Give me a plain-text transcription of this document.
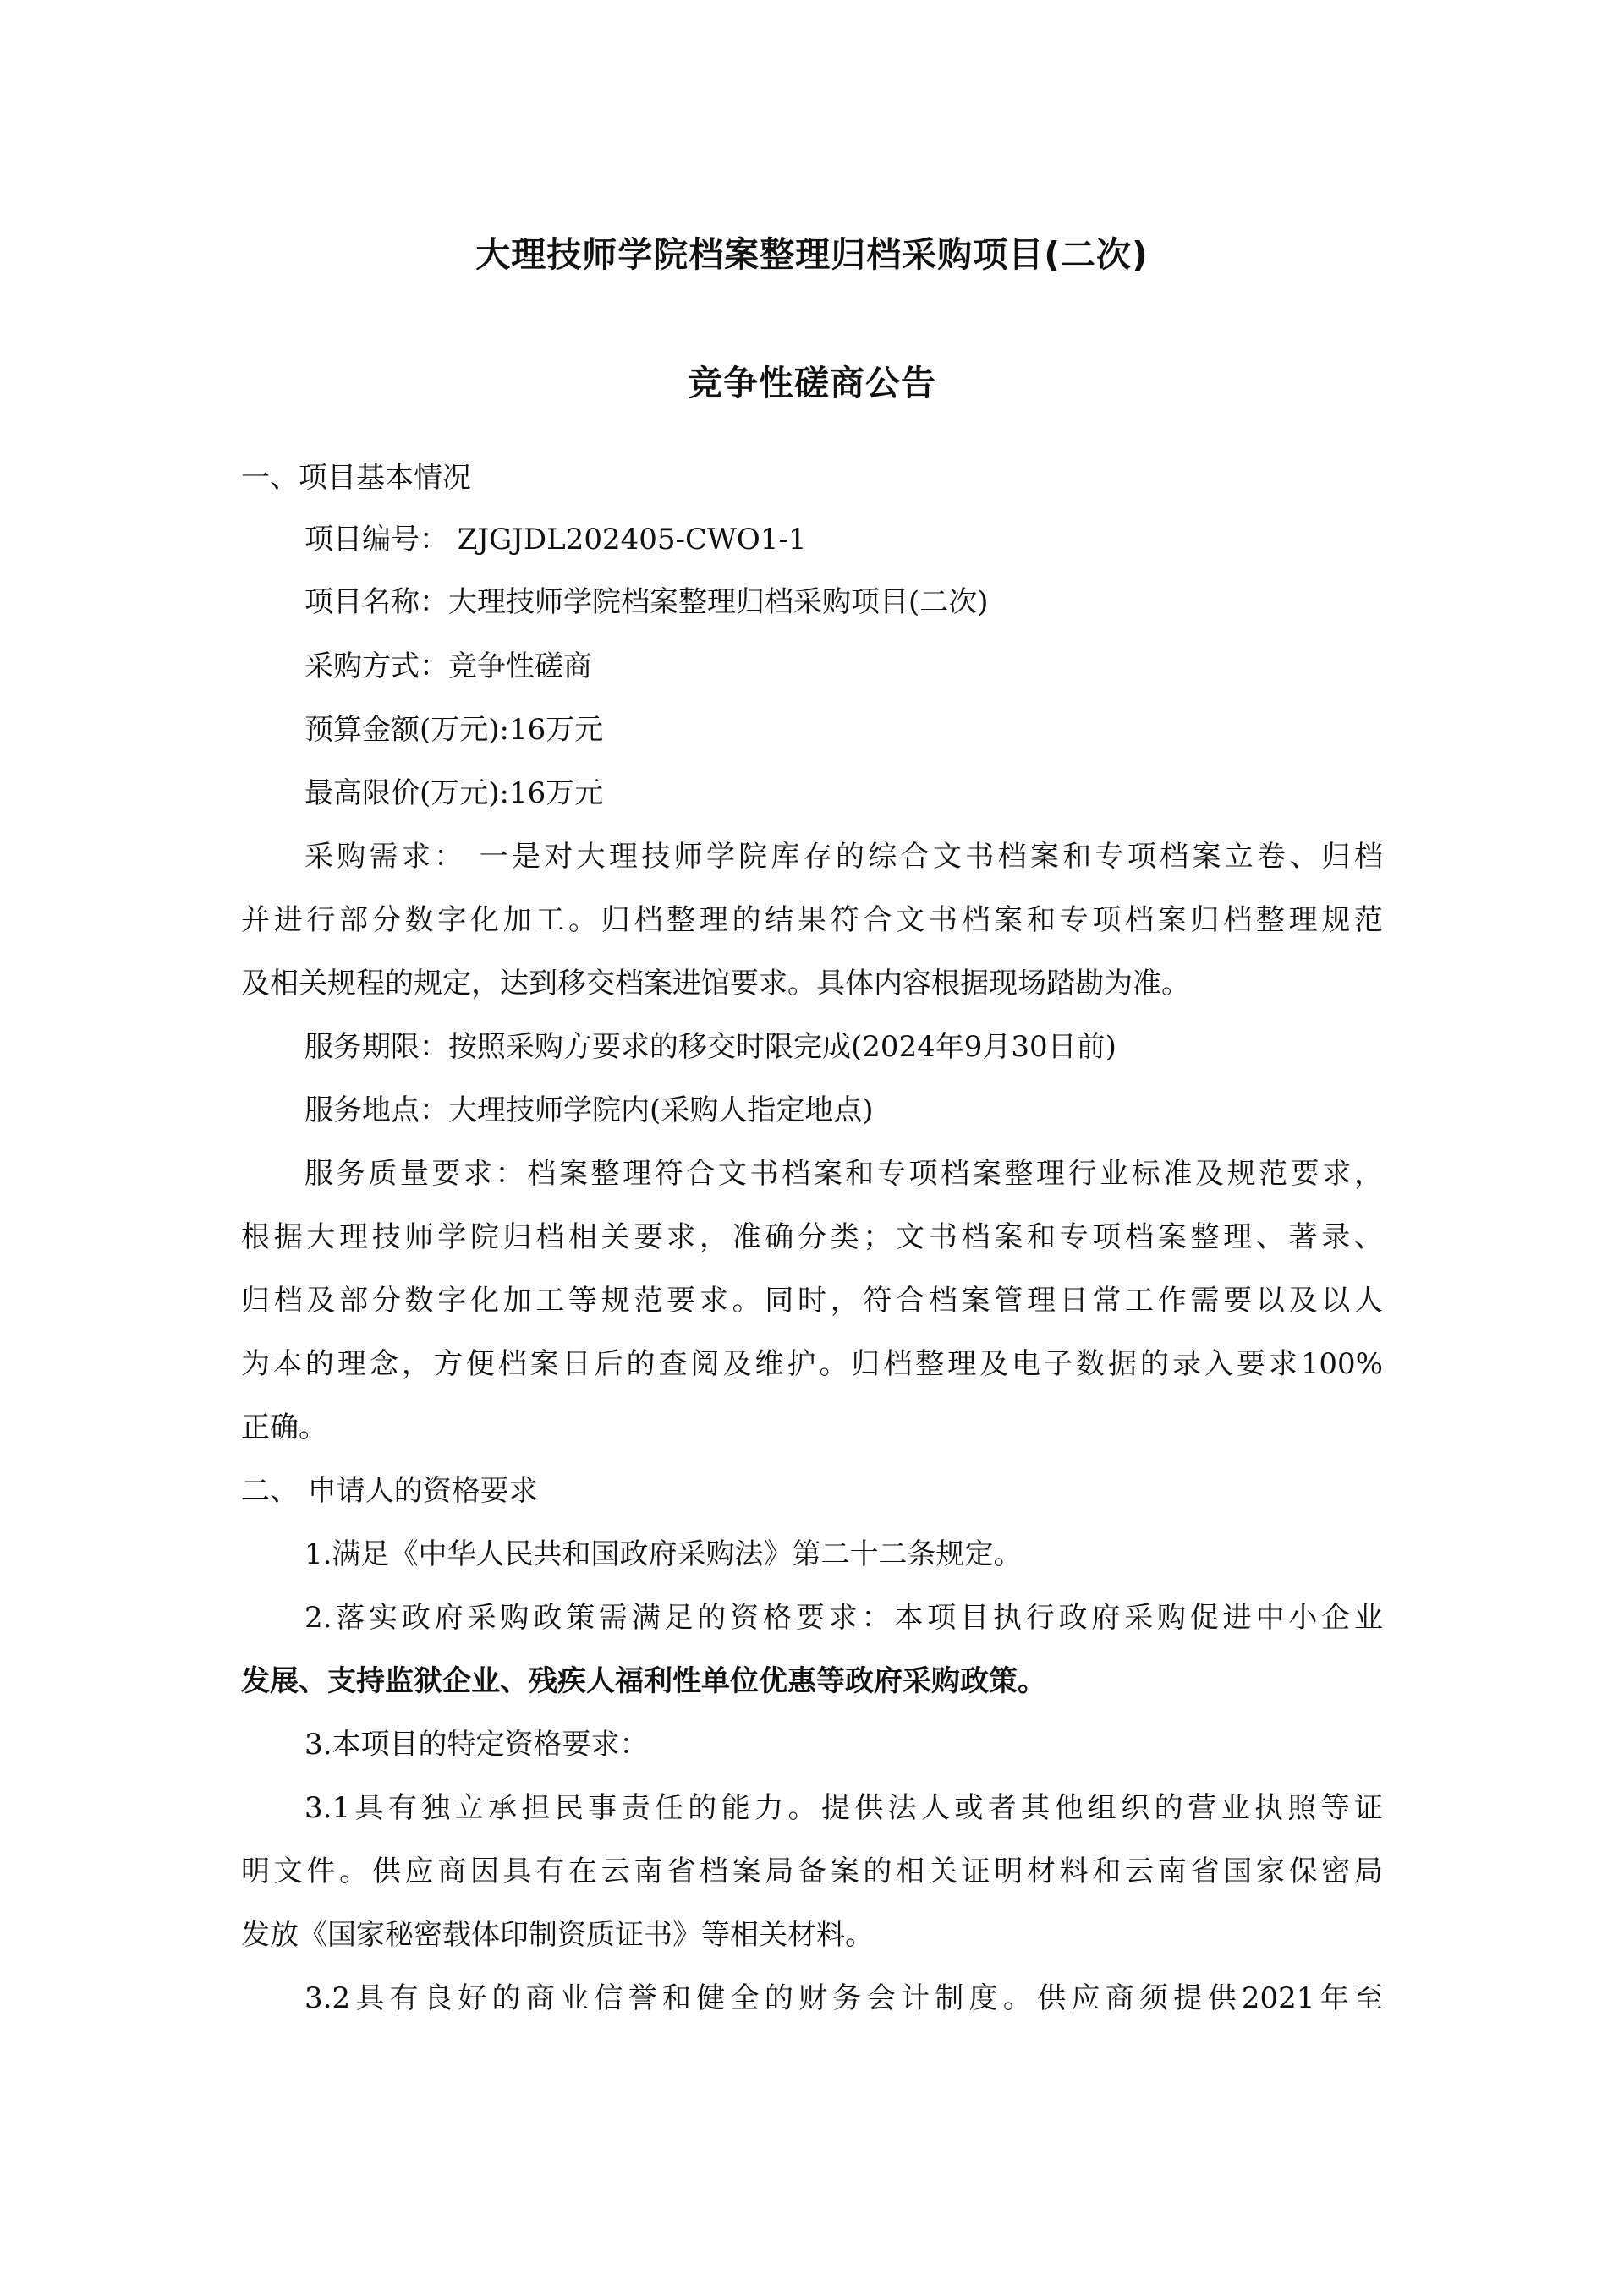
大理技师学院档案整理归档采购项目(二次)
竞争性磋商公告
一、项目基本情况
项目编号： ZJGJDL202405-CWO1-1
项目名称：大理技师学院档案整理归档采购项目(二次)
采购方式：竞争性磋商
预算金额(万元):16万元
最高限价(万元):16万元
采购需求： 一是对大理技师学院库存的综合文书档案和专项档案立卷、归档
并进行部分数字化加工。归档整理的结果符合文书档案和专项档案归档整理规范
及相关规程的规定，达到移交档案进馆要求。具体内容根据现场踏勘为准。
服务期限：按照采购方要求的移交时限完成(2024年9月30日前)
服务地点：大理技师学院内(采购人指定地点)
服务质量要求：档案整理符合文书档案和专项档案整理行业标准及规范要求，
根据大理技师学院归档相关要求，准确分类；文书档案和专项档案整理、著录、
归档及部分数字化加工等规范要求。同时，符合档案管理日常工作需要以及以人
为本的理念，方便档案日后的查阅及维护。归档整理及电子数据的录入要求100%
正确。
二、 申请人的资格要求
1.满足《中华人民共和国政府采购法》第二十二条规定。
2.落实政府采购政策需满足的资格要求：本项目执行政府采购促进中小企业
发展、支持监狱企业、残疾人福利性单位优惠等政府采购政策。
3.本项目的特定资格要求：
3.1具有独立承担民事责任的能力。提供法人或者其他组织的营业执照等证
明文件。供应商因具有在云南省档案局备案的相关证明材料和云南省国家保密局
发放《国家秘密载体印制资质证书》等相关材料。
3.2具有良好的商业信誉和健全的财务会计制度。供应商须提供2021年至
